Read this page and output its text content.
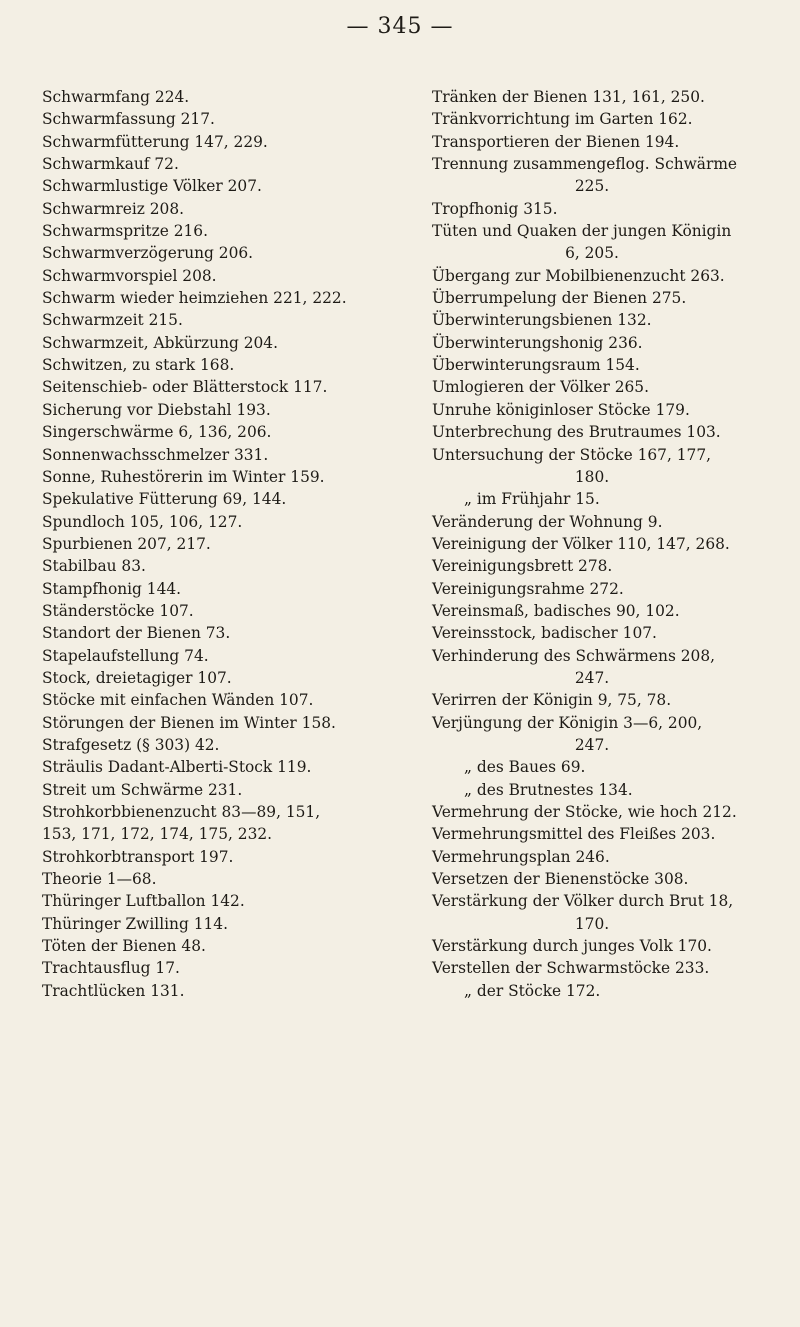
— 345 —
Schwarmfang 224.
Schwarmfassung 217.
Schwarmfütterung 147, 229.
Schwarmkauf 72.
Schwarmlustige Völker 207.
Schwarmreiz 208.
Schwarmspritze 216.
Schwarmverzögerung 206.
Schwarmvorspiel 208.
Schwarm wieder heimziehen 221, 222.
Schwarmzeit 215.
Schwarmzeit, Abkürzung 204.
Schwitzen, zu stark 168.
Seitenschieb- oder Blätterstock 117.
Sicherung vor Diebstahl 193.
Singerschwärme 6, 136, 206.
Sonnenwachsschmelzer 331.
Sonne, Ruhestörerin im Winter 159.
Spekulative Fütterung 69, 144.
Spundloch 105, 106, 127.
Spurbienen 207, 217.
Stabilbau 83.
Stampfhonig 144.
Ständerstöcke 107.
Standort der Bienen 73.
Stapelaufstellung 74.
Stock, dreietagiger 107.
Stöcke mit einfachen Wänden 107.
Störungen der Bienen im Winter 158.
Strafgesetz (§ 303) 42.
Sträulis Dadant-Alberti-Stock 119.
Streit um Schwärme 231.
Strohkorbbienenzucht 83—89, 151,
153, 171, 172, 174, 175, 232.
Strohkorbtransport 197.
Theorie 1—68.
Thüringer Luftballon 142.
Thüringer Zwilling 114.
Töten der Bienen 48.
Trachtausflug 17.
Trachtlücken 131.
Tränken der Bienen 131, 161, 250.
Tränkvorrichtung im Garten 162.
Transportieren der Bienen 194.
Trennung zusammengeflog. Schwärme
225.
Tropfhonig 315.
Tüten und Quaken der jungen Königin
6, 205.
Übergang zur Mobilbienenzucht 263.
Überrumpelung der Bienen 275.
Überwinterungsbienen 132.
Überwinterungshonig 236.
Überwinterungsraum 154.
Umlogieren der Völker 265.
Unruhe königinloser Stöcke 179.
Unterbrechung des Brutraumes 103.
Untersuchung der Stöcke 167, 177,
180.
„ im Frühjahr 15.
Veränderung der Wohnung 9.
Vereinigung der Völker 110, 147, 268.
Vereinigungsbrett 278.
Vereinigungsrahme 272.
Vereinsmaß, badisches 90, 102.
Vereinsstock, badischer 107.
Verhinderung des Schwärmens 208,
247.
Verirren der Königin 9, 75, 78.
Verjüngung der Königin 3—6, 200,
247.
„ des Baues 69.
„ des Brutnestes 134.
Vermehrung der Stöcke, wie hoch 212.
Vermehrungsmittel des Fleißes 203.
Vermehrungsplan 246.
Versetzen der Bienenstöcke 308.
Verstärkung der Völker durch Brut 18,
170.
Verstärkung durch junges Volk 170.
Verstellen der Schwarmstöcke 233.
„ der Stöcke 172.
